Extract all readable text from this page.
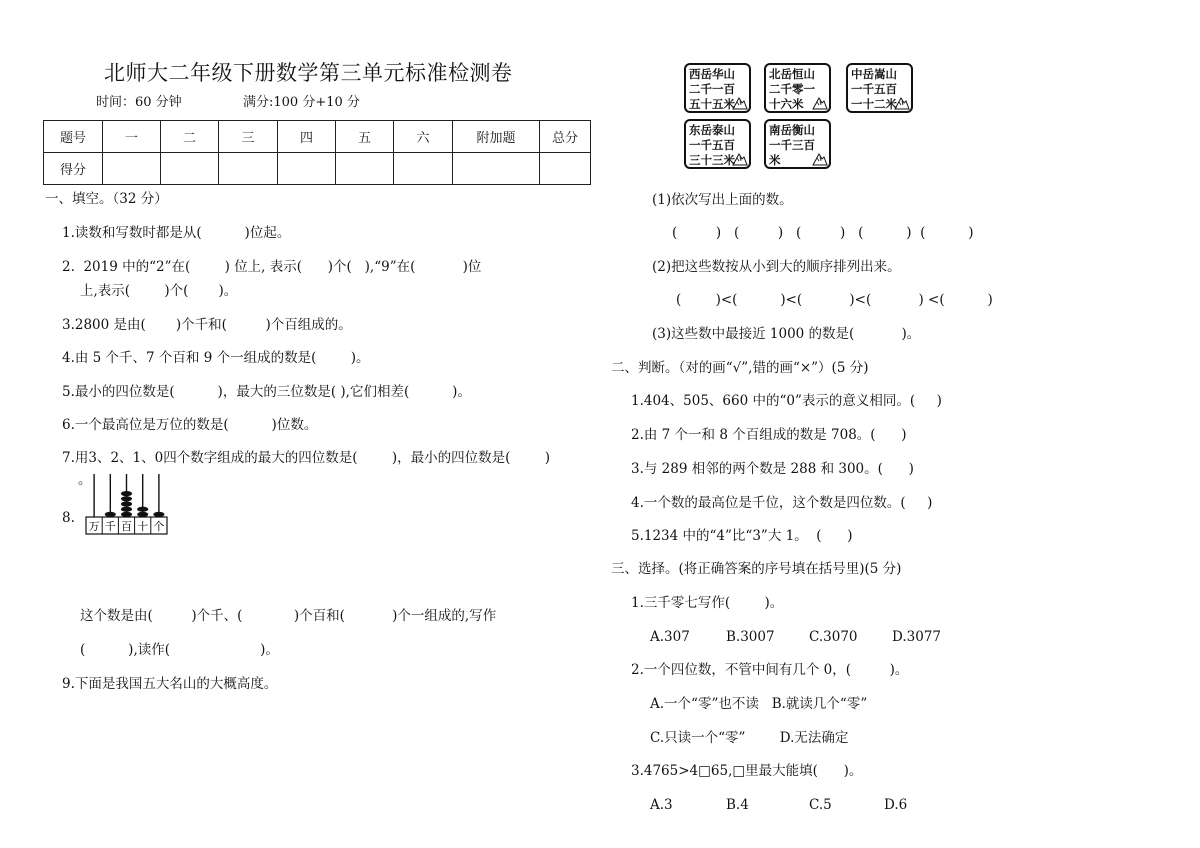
北师大二年级下册数学第三单元标准检测卷
时间：60 分钟	满分:100 分+10 分
题号	一	二	三	四	五	六	附加题	总分
得分								
一、填空。（32 分）
1.读数和写数时都是从(          )位起。
2.  2019 中的“2”在(        ) 位上, 表示(      )个(   ),“9”在(           )位
上,表示(        )个(       )。
3.2800 是由(       )个千和(         )个百组成的。
4.由 5 个千、7 个百和 9 个一组成的数是(        )。
5.最小的四位数是(          )，最大的三位数是( ),它们相差(          )。
6.一个最高位是万位的数是(          )位数。
7.用3、2、1、0四个数字组成的最大的四位数是(        )，最小的四位数是(        )
。
8.
万 千 百 十 个
这个数是由(         )个千、(            )个百和(           )个一组成的,写作
(          ),读作(                     )。
9.下面是我国五大名山的大概高度。
西岳华山
二千一百
五十五米
北岳恒山
二千零一
十六米
中岳嵩山
一千五百
一十二米
东岳泰山
一千五百
三十三米
南岳衡山
一千三百
米
(1)依次写出上面的数。
(         )   (         )   (         )   (          )  (          )
(2)把这些数按从小到大的顺序排列出来。
(        )<(          )<(           )<(           ) <(          )
(3)这些数中最接近 1000 的数是(           )。
二、判断。（对的画“√”,错的画“×”）(5 分)
1.404、505、660 中的“0”表示的意义相同。(     )
2.由 7 个一和 8 个百组成的数是 708。(      )
3.与 289 相邻的两个数是 288 和 300。(      )
4.一个数的最高位是千位，这个数是四位数。(     )
5.1234 中的“4”比“3”大 1。  (      )
三、选择。(将正确答案的序号填在括号里)(5 分)
1.三千零七写作(        )。
A.307	B.3007	C.3070	D.3077
2.一个四位数，不管中间有几个 0，(         )。
A.一个“零”也不读   B.就读几个“零”
C.只读一个“零”        D.无法确定
3.4765>4□65,□里最大能填(      )。
A.3	B.4	C.5	D.6
